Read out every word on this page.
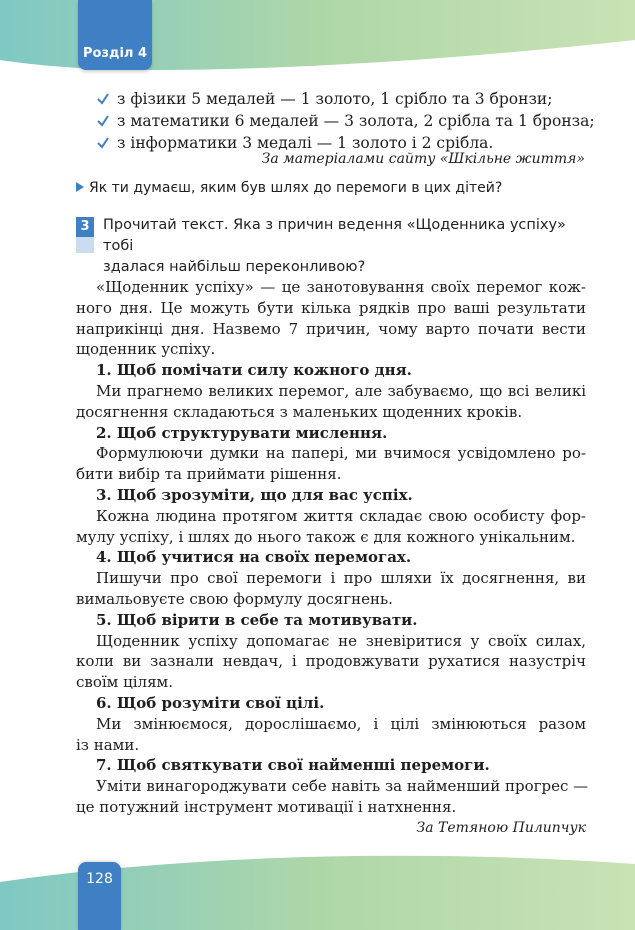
Розділ 4
з фізики 5 медалей — 1 золото, 1 срібло та 3 бронзи;
з математики 6 медалей — 3 золота, 2 срібла та 1 бронза;
з інформатики 3 медалі — 1 золото і 2 срібла.
За матеріалами сайту «Шкільне життя»
Як ти думаєш, яким був шлях до перемоги в цих дітей?
3 Прочитай текст. Яка з причин ведення «Щоденника успіху» тобі
здалася найбільш переконливою?
«Щоденник успіху» — це занотовування своїх перемог кож-
ного дня. Це можуть бути кілька рядків про ваші результати
наприкінці дня. Назвемо 7 причин, чому варто почати вести
щоденник успіху.
1. Щоб помічати силу кожного дня.
Ми прагнемо великих перемог, але забуваємо, що всі великі
досягнення складаються з маленьких щоденних кроків.
2. Щоб структурувати мислення.
Формулюючи думки на папері, ми вчимося усвідомлено ро-
бити вибір та приймати рішення.
3. Щоб зрозуміти, що для вас успіх.
Кожна людина протягом життя складає свою особисту фор-
мулу успіху, і шлях до нього також є для кожного унікальним.
4. Щоб учитися на своїх перемогах.
Пишучи про свої перемоги і про шляхи їх досягнення, ви
вимальовуєте свою формулу досягнень.
5. Щоб вірити в себе та мотивувати.
Щоденник успіху допомагає не зневіритися у своїх силах,
коли ви зазнали невдач, і продовжувати рухатися назустріч
своїм цілям.
6. Щоб розуміти свої цілі.
Ми змінюємося, дорослішаємо, і цілі змінюються разом
із нами.
7. Щоб святкувати свої найменші перемоги.
Уміти винагороджувати себе навіть за найменший прогрес —
це потужний інструмент мотивації і натхнення.
За Тетяною Пилипчук
128
